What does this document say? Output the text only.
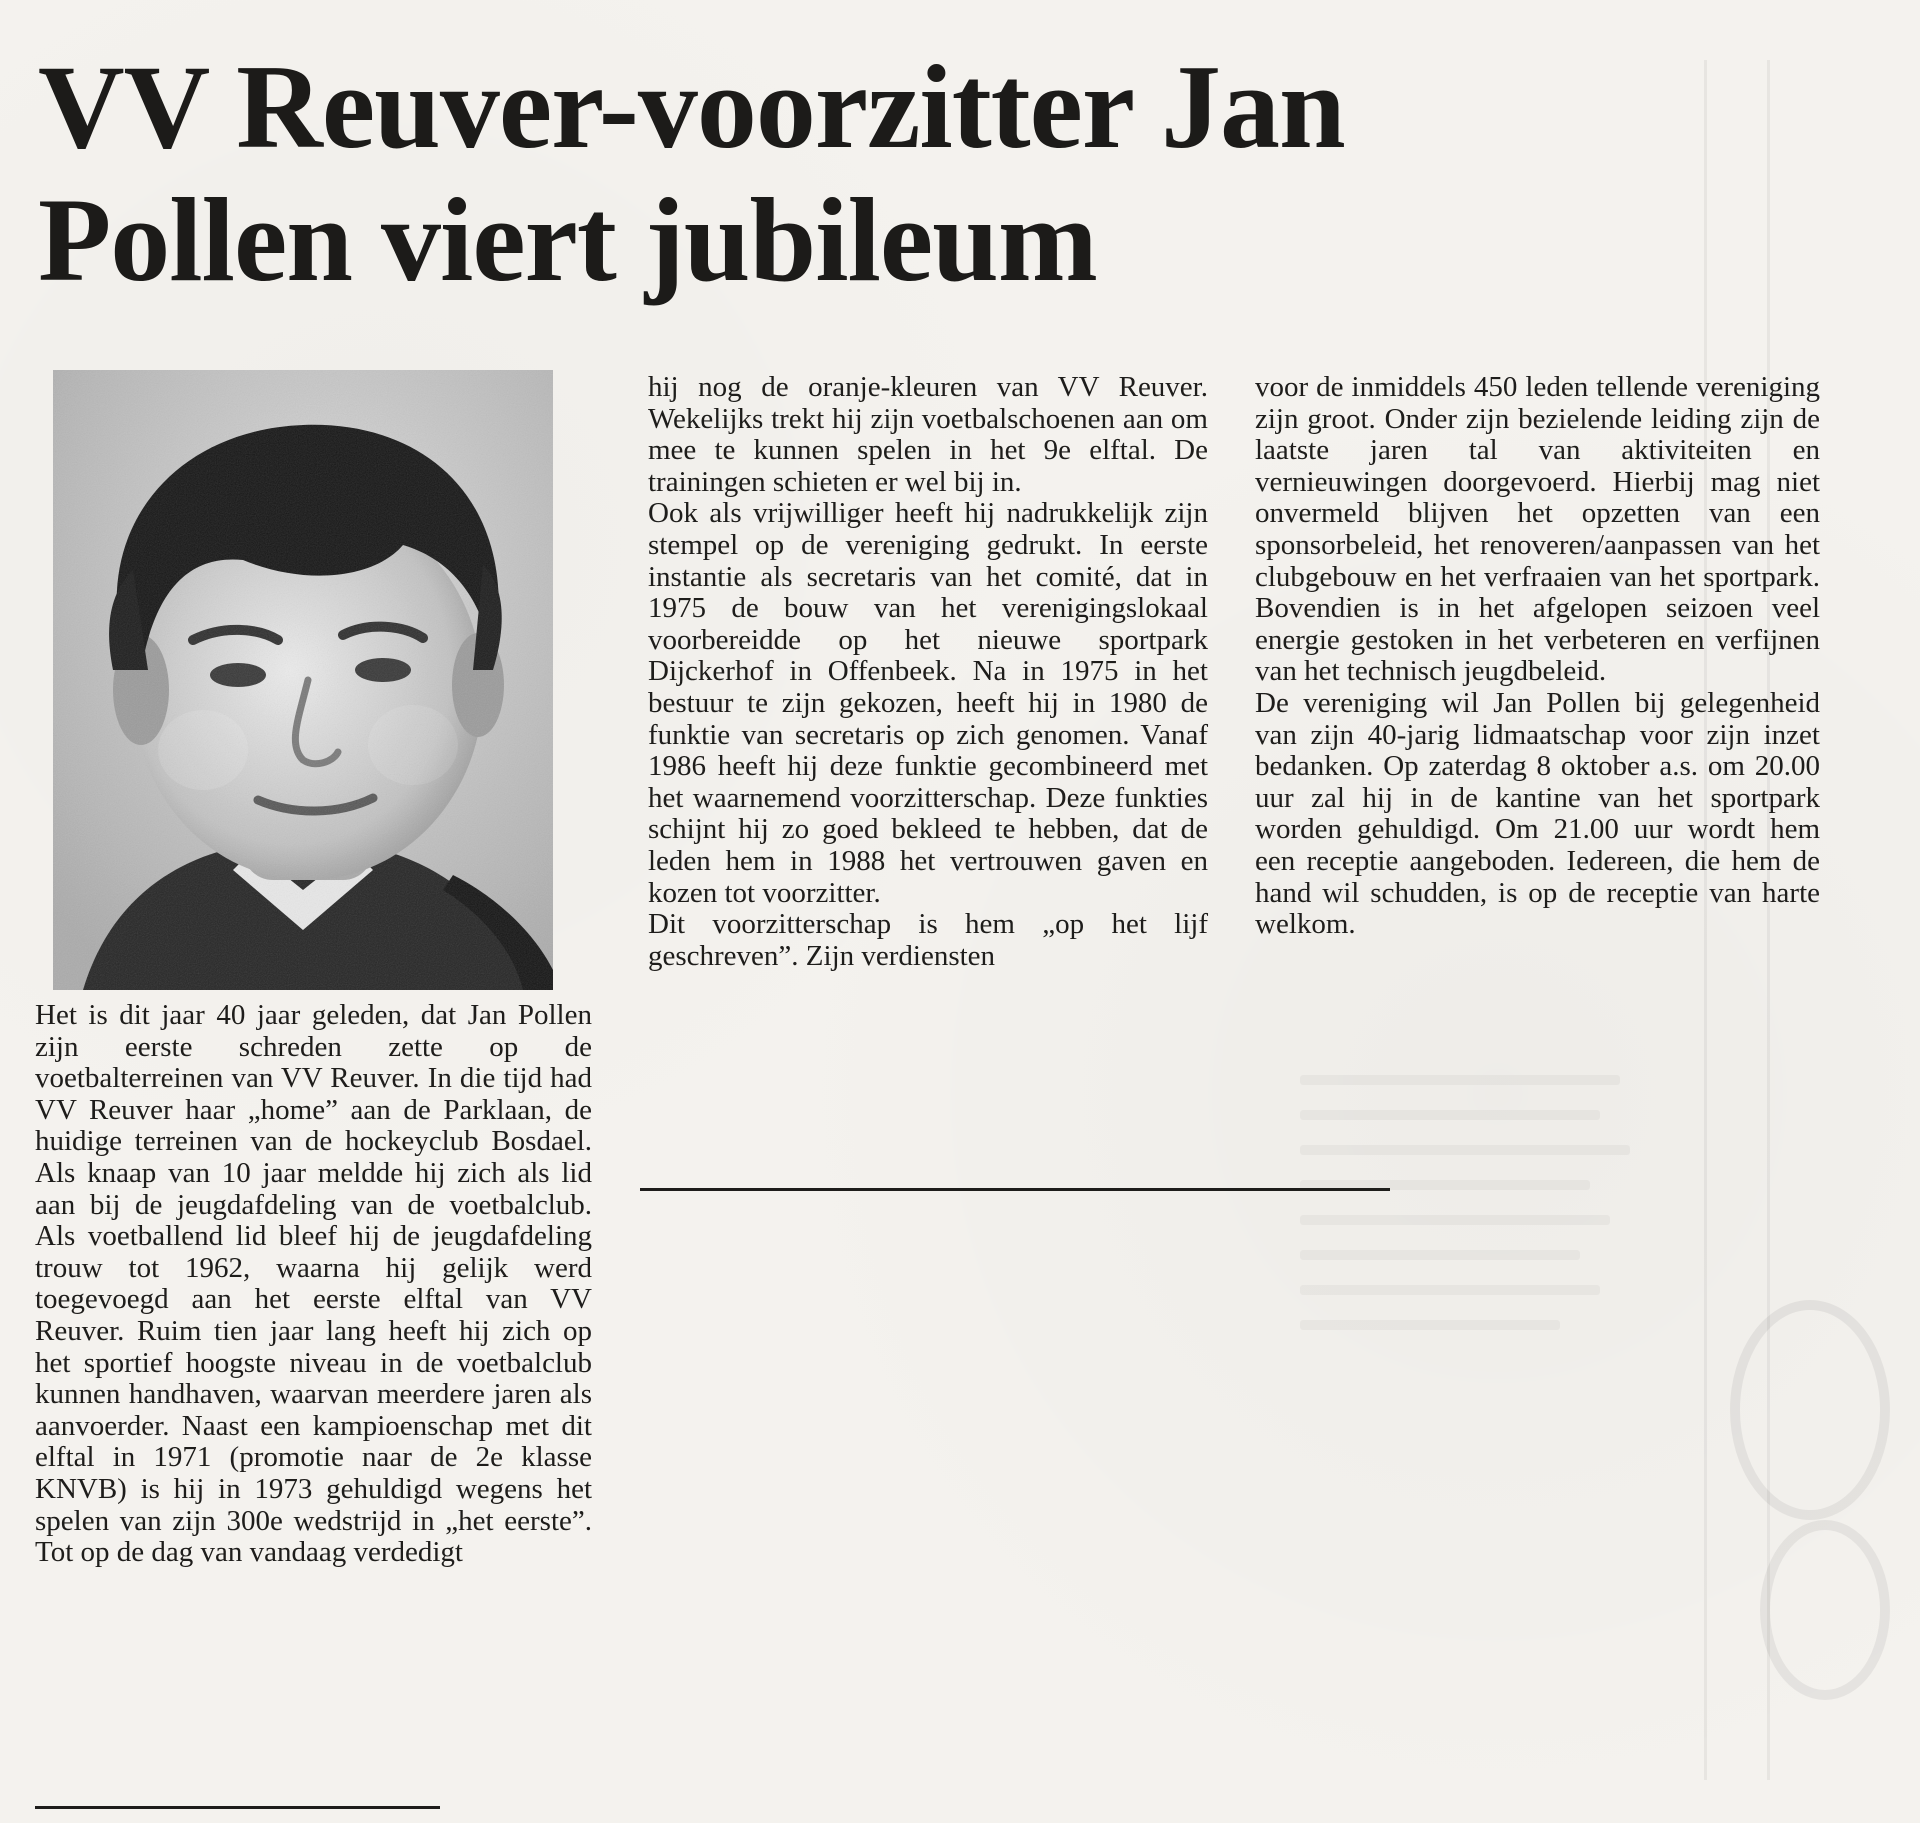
VV Reuver-voorzitter Jan Pollen viert jubileum

Het is dit jaar 40 jaar geleden, dat Jan Pollen zijn eerste schreden zette op de voetbalterreinen van VV Reuver. In die tijd had VV Reuver haar „home” aan de Parklaan, de huidige terreinen van de hockeyclub Bosdael. Als knaap van 10 jaar meldde hij zich als lid aan bij de jeugdafdeling van de voetbalclub. Als voetballend lid bleef hij de jeugdafdeling trouw tot 1962, waarna hij gelijk werd toegevoegd aan het eerste elftal van VV Reuver. Ruim tien jaar lang heeft hij zich op het sportief hoogste niveau in de voetbalclub kunnen handhaven, waarvan meerdere jaren als aanvoerder. Naast een kampioenschap met dit elftal in 1971 (promotie naar de 2e klasse KNVB) is hij in 1973 gehuldigd wegens het spelen van zijn 300e wedstrijd in „het eerste”. Tot op de dag van vandaag verdedigt

hij nog de oranje-kleuren van VV Reuver. Wekelijks trekt hij zijn voetbalschoenen aan om mee te kunnen spelen in het 9e elftal. De trainingen schieten er wel bij in.

Ook als vrijwilliger heeft hij nadrukkelijk zijn stempel op de vereniging gedrukt. In eerste instantie als secretaris van het comité, dat in 1975 de bouw van het verenigingslokaal voorbereidde op het nieuwe sportpark Dijckerhof in Offenbeek. Na in 1975 in het bestuur te zijn gekozen, heeft hij in 1980 de funktie van secretaris op zich genomen. Vanaf 1986 heeft hij deze funktie gecombineerd met het waarnemend voorzitterschap. Deze funkties schijnt hij zo goed bekleed te hebben, dat de leden hem in 1988 het vertrouwen gaven en kozen tot voorzitter.

Dit voorzitterschap is hem „op het lijf geschreven”. Zijn verdiensten

voor de inmiddels 450 leden tellende vereniging zijn groot. Onder zijn bezielende leiding zijn de laatste jaren tal van aktiviteiten en vernieuwingen doorgevoerd. Hierbij mag niet onvermeld blijven het opzetten van een sponsorbeleid, het renoveren/aanpassen van het clubgebouw en het verfraaien van het sportpark. Bovendien is in het afgelopen seizoen veel energie gestoken in het verbeteren en verfijnen van het technisch jeugdbeleid.

De vereniging wil Jan Pollen bij gelegenheid van zijn 40-jarig lidmaatschap voor zijn inzet bedanken. Op zaterdag 8 oktober a.s. om 20.00 uur zal hij in de kantine van het sportpark worden gehuldigd. Om 21.00 uur wordt hem een receptie aangeboden. Iedereen, die hem de hand wil schudden, is op de receptie van harte welkom.
